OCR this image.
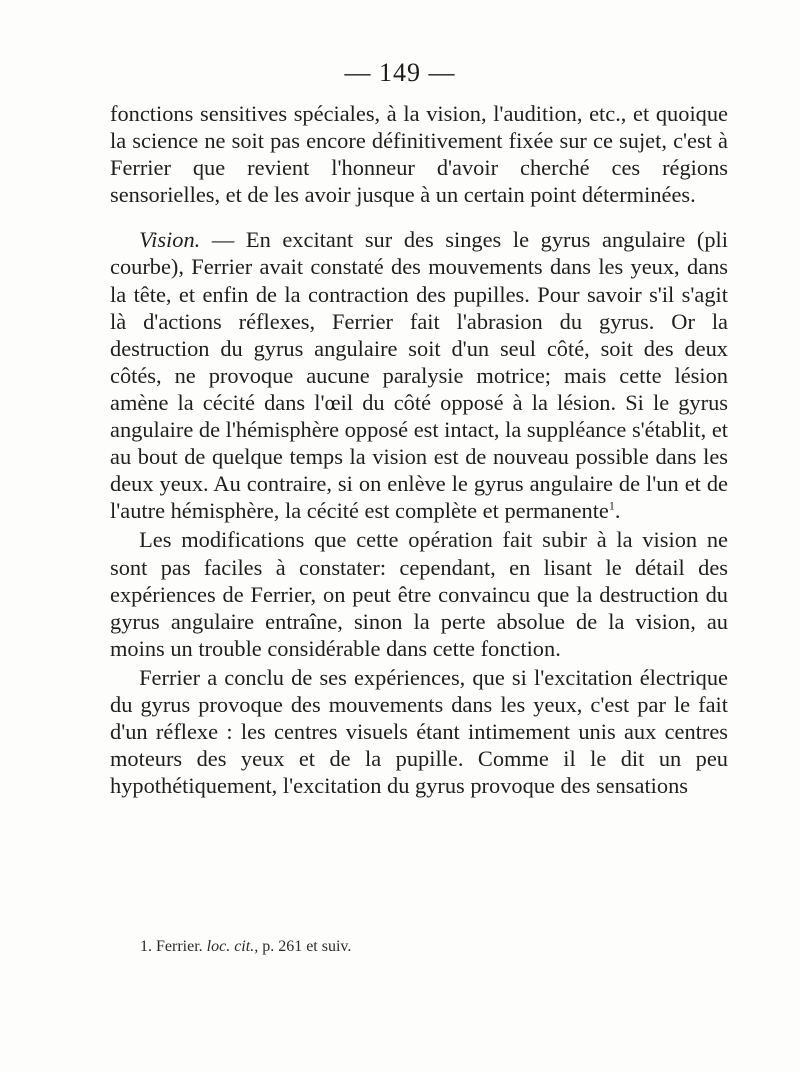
— 149 —

fonctions sensitives spéciales, à la vision, l'audition, etc., et quoique la science ne soit pas encore définitivement fixée sur ce sujet, c'est à Ferrier que revient l'honneur d'avoir cherché ces régions sensorielles, et de les avoir jusque à un certain point déterminées.

Vision. — En excitant sur des singes le gyrus angulaire (pli courbe), Ferrier avait constaté des mouvements dans les yeux, dans la tête, et enfin de la contraction des pupilles. Pour savoir s'il s'agit là d'actions réflexes, Ferrier fait l'abrasion du gyrus. Or la destruction du gyrus angulaire soit d'un seul côté, soit des deux côtés, ne provoque aucune paralysie motrice; mais cette lésion amène la cécité dans l'œil du côté opposé à la lésion. Si le gyrus angulaire de l'hémisphère opposé est intact, la suppléance s'établit, et au bout de quelque temps la vision est de nouveau possible dans les deux yeux. Au contraire, si on enlève le gyrus angulaire de l'un et de l'autre hémisphère, la cécité est complète et permanente$^1$.

Les modifications que cette opération fait subir à la vision ne sont pas faciles à constater: cependant, en lisant le détail des expériences de Ferrier, on peut être convaincu que la destruction du gyrus angulaire entraîne, sinon la perte absolue de la vision, au moins un trouble considérable dans cette fonction.

Ferrier a conclu de ses expériences, que si l'excitation électrique du gyrus provoque des mouvements dans les yeux, c'est par le fait d'un réflexe : les centres visuels étant intimement unis aux centres moteurs des yeux et de la pupille. Comme il le dit un peu hypothétiquement, l'excitation du gyrus provoque des sensations

1. Ferrier. loc. cit., p. 261 et suiv.
